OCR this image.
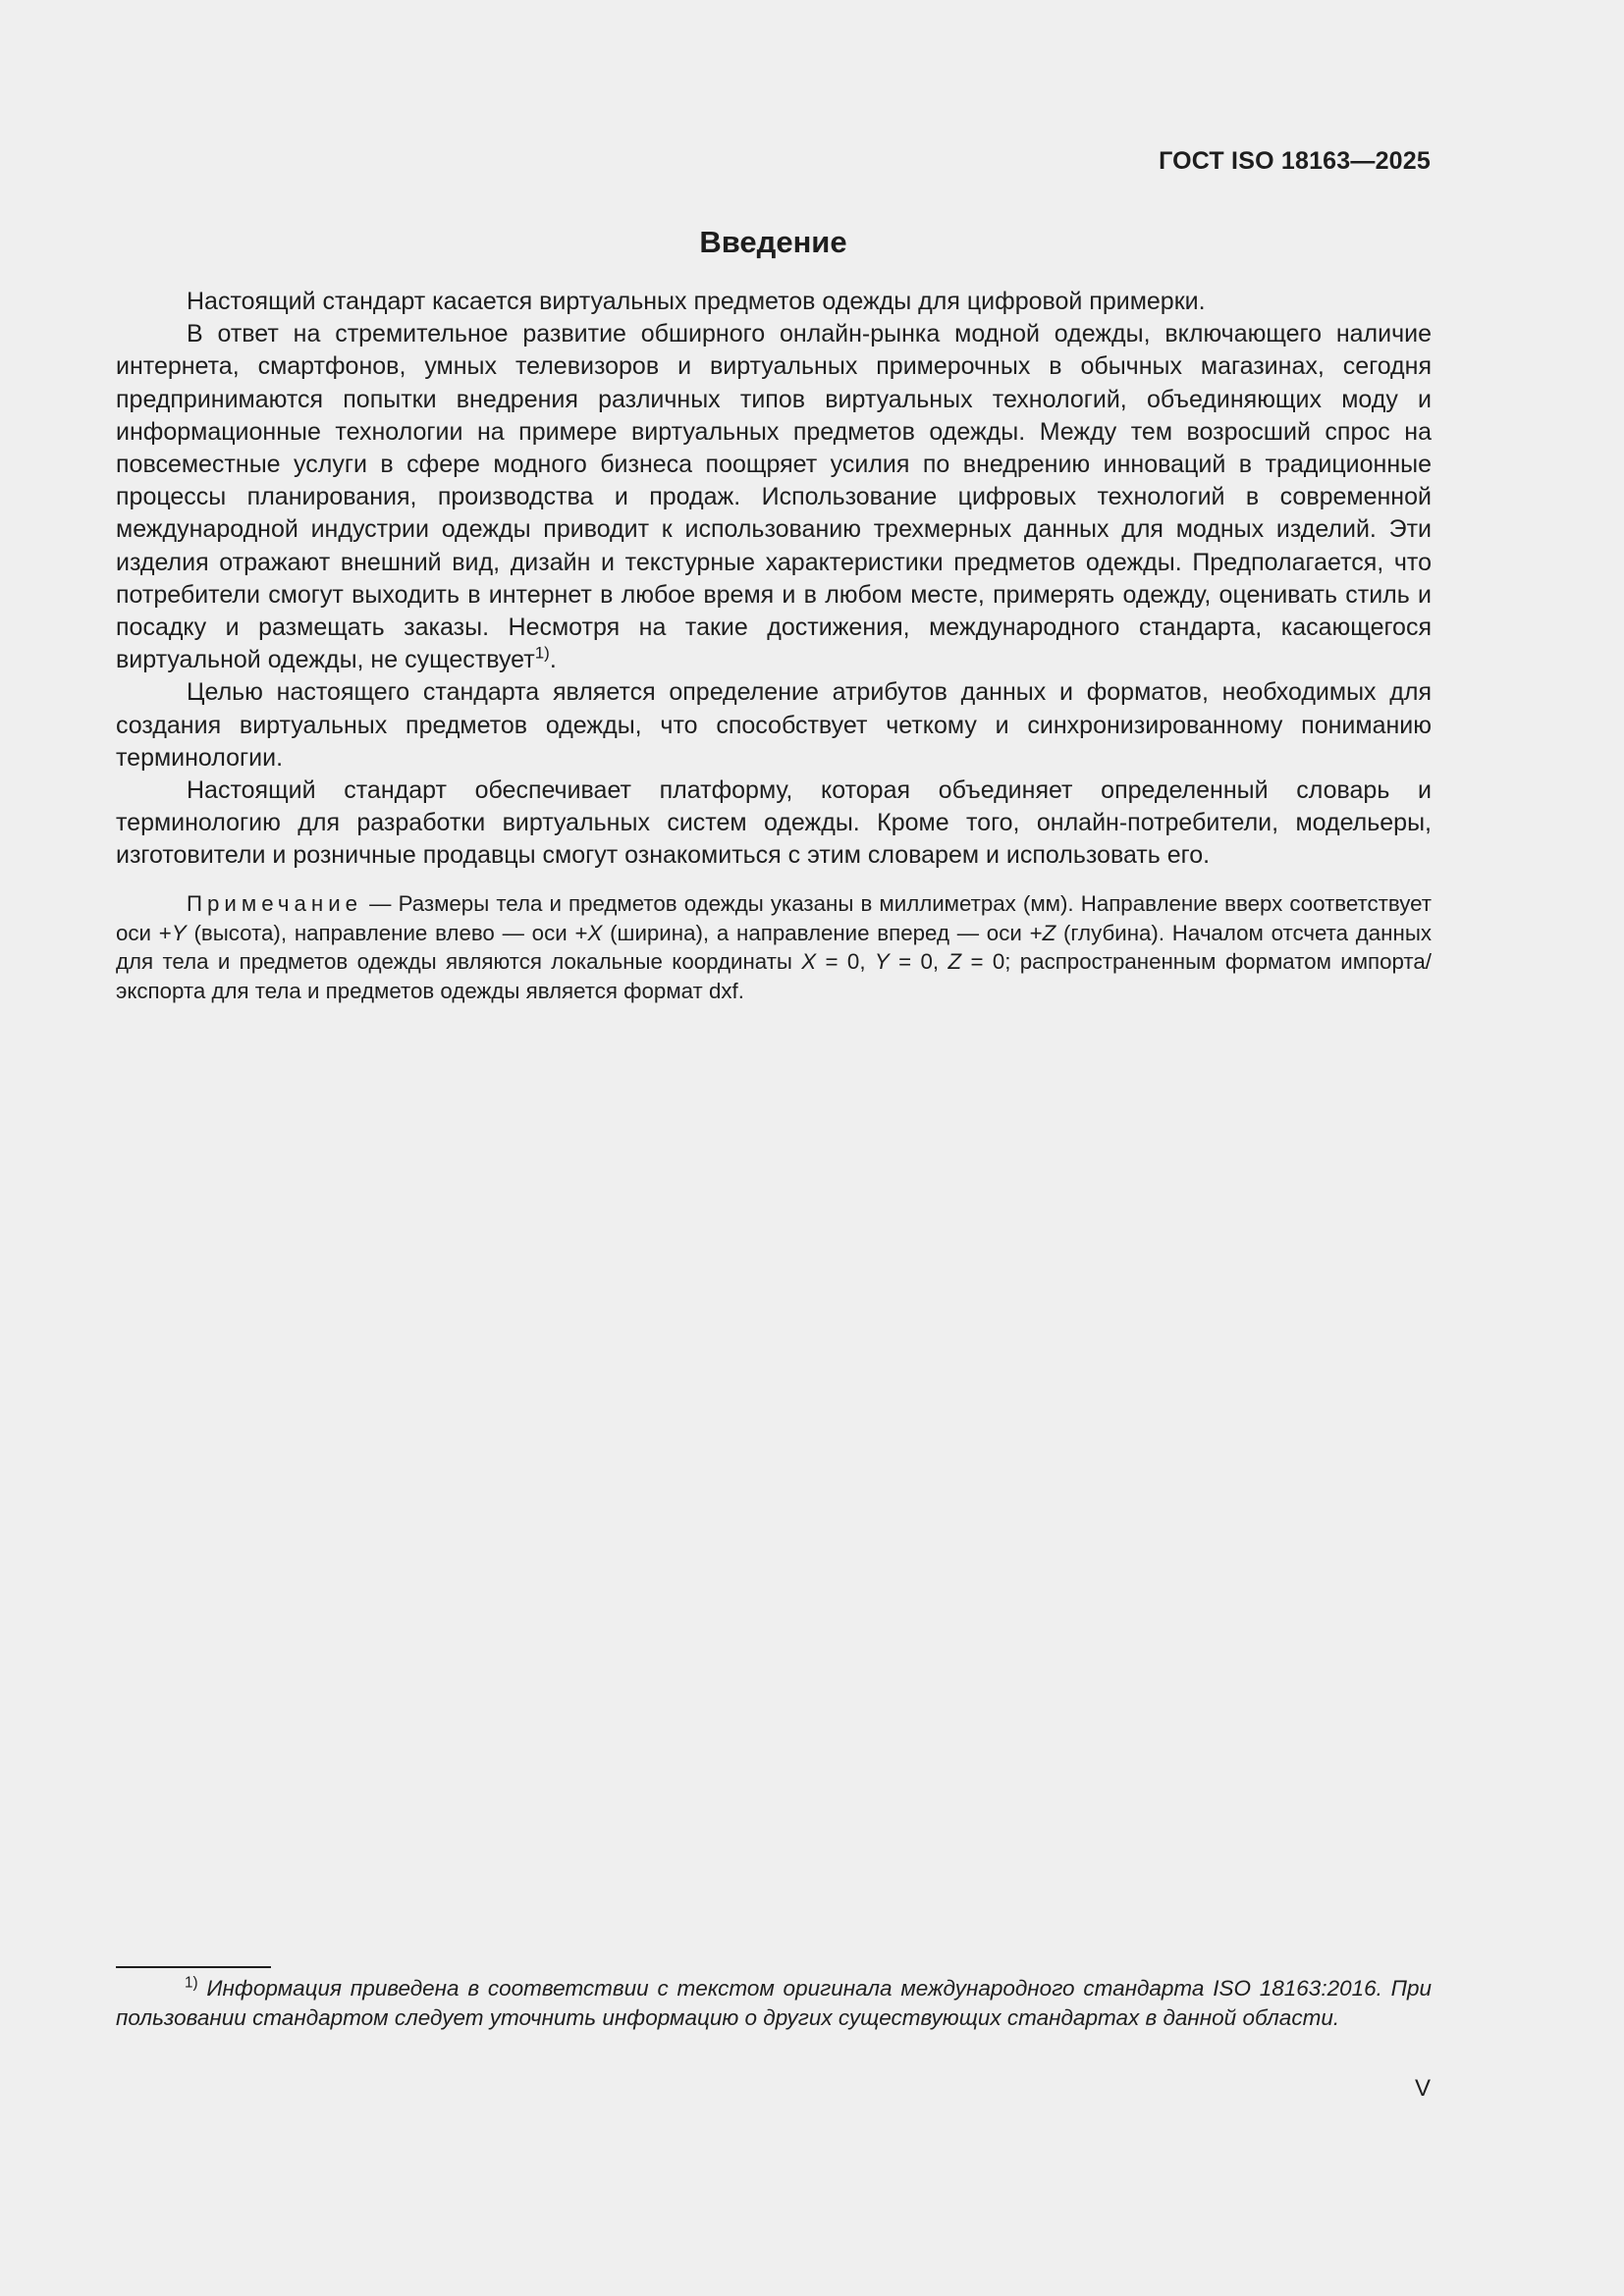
ГОСТ ISO 18163—2025
Введение

Настоящий стандарт касается виртуальных предметов одежды для цифровой примерки.

В ответ на стремительное развитие обширного онлайн-рынка модной одежды, включающего наличие интернета, смартфонов, умных телевизоров и виртуальных примерочных в обычных магазинах, сегодня предпринимаются попытки внедрения различных типов виртуальных технологий, объединяющих моду и информационные технологии на примере виртуальных предметов одежды. Между тем возросший спрос на повсеместные услуги в сфере модного бизнеса поощряет усилия по внедрению инноваций в традиционные процессы планирования, производства и продаж. Использование цифровых технологий в современной международной индустрии одежды приводит к использованию трехмерных данных для модных изделий. Эти изделия отражают внешний вид, дизайн и текстурные характеристики предметов одежды. Предполагается, что потребители смогут выходить в интернет в любое время и в любом месте, примерять одежду, оценивать стиль и посадку и размещать заказы. Несмотря на такие достижения, международного стандарта, касающегося виртуальной одежды, не существует$^{1)}$.

Целью настоящего стандарта является определение атрибутов данных и форматов, необходимых для создания виртуальных предметов одежды, что способствует четкому и синхронизированному пониманию терминологии.

Настоящий стандарт обеспечивает платформу, которая объединяет определенный словарь и терминологию для разработки виртуальных систем одежды. Кроме того, онлайн-потребители, модельеры, изготовители и розничные продавцы смогут ознакомиться с этим словарем и использовать его.

Примечание — Размеры тела и предметов одежды указаны в миллиметрах (мм). Направление вверх соответствует оси +Y (высота), направление влево — оси +X (ширина), а направление вперед — оси +Z (глубина). Началом отсчета данных для тела и предметов одежды являются локальные координаты X = 0, Y = 0, Z = 0; распространенным форматом импорта/экспорта для тела и предметов одежды является формат dxf.

$^{1)}$ Информация приведена в соответствии с текстом оригинала международного стандарта ISO 18163:2016. При пользовании стандартом следует уточнить информацию о других существующих стандартах в данной области.

V
